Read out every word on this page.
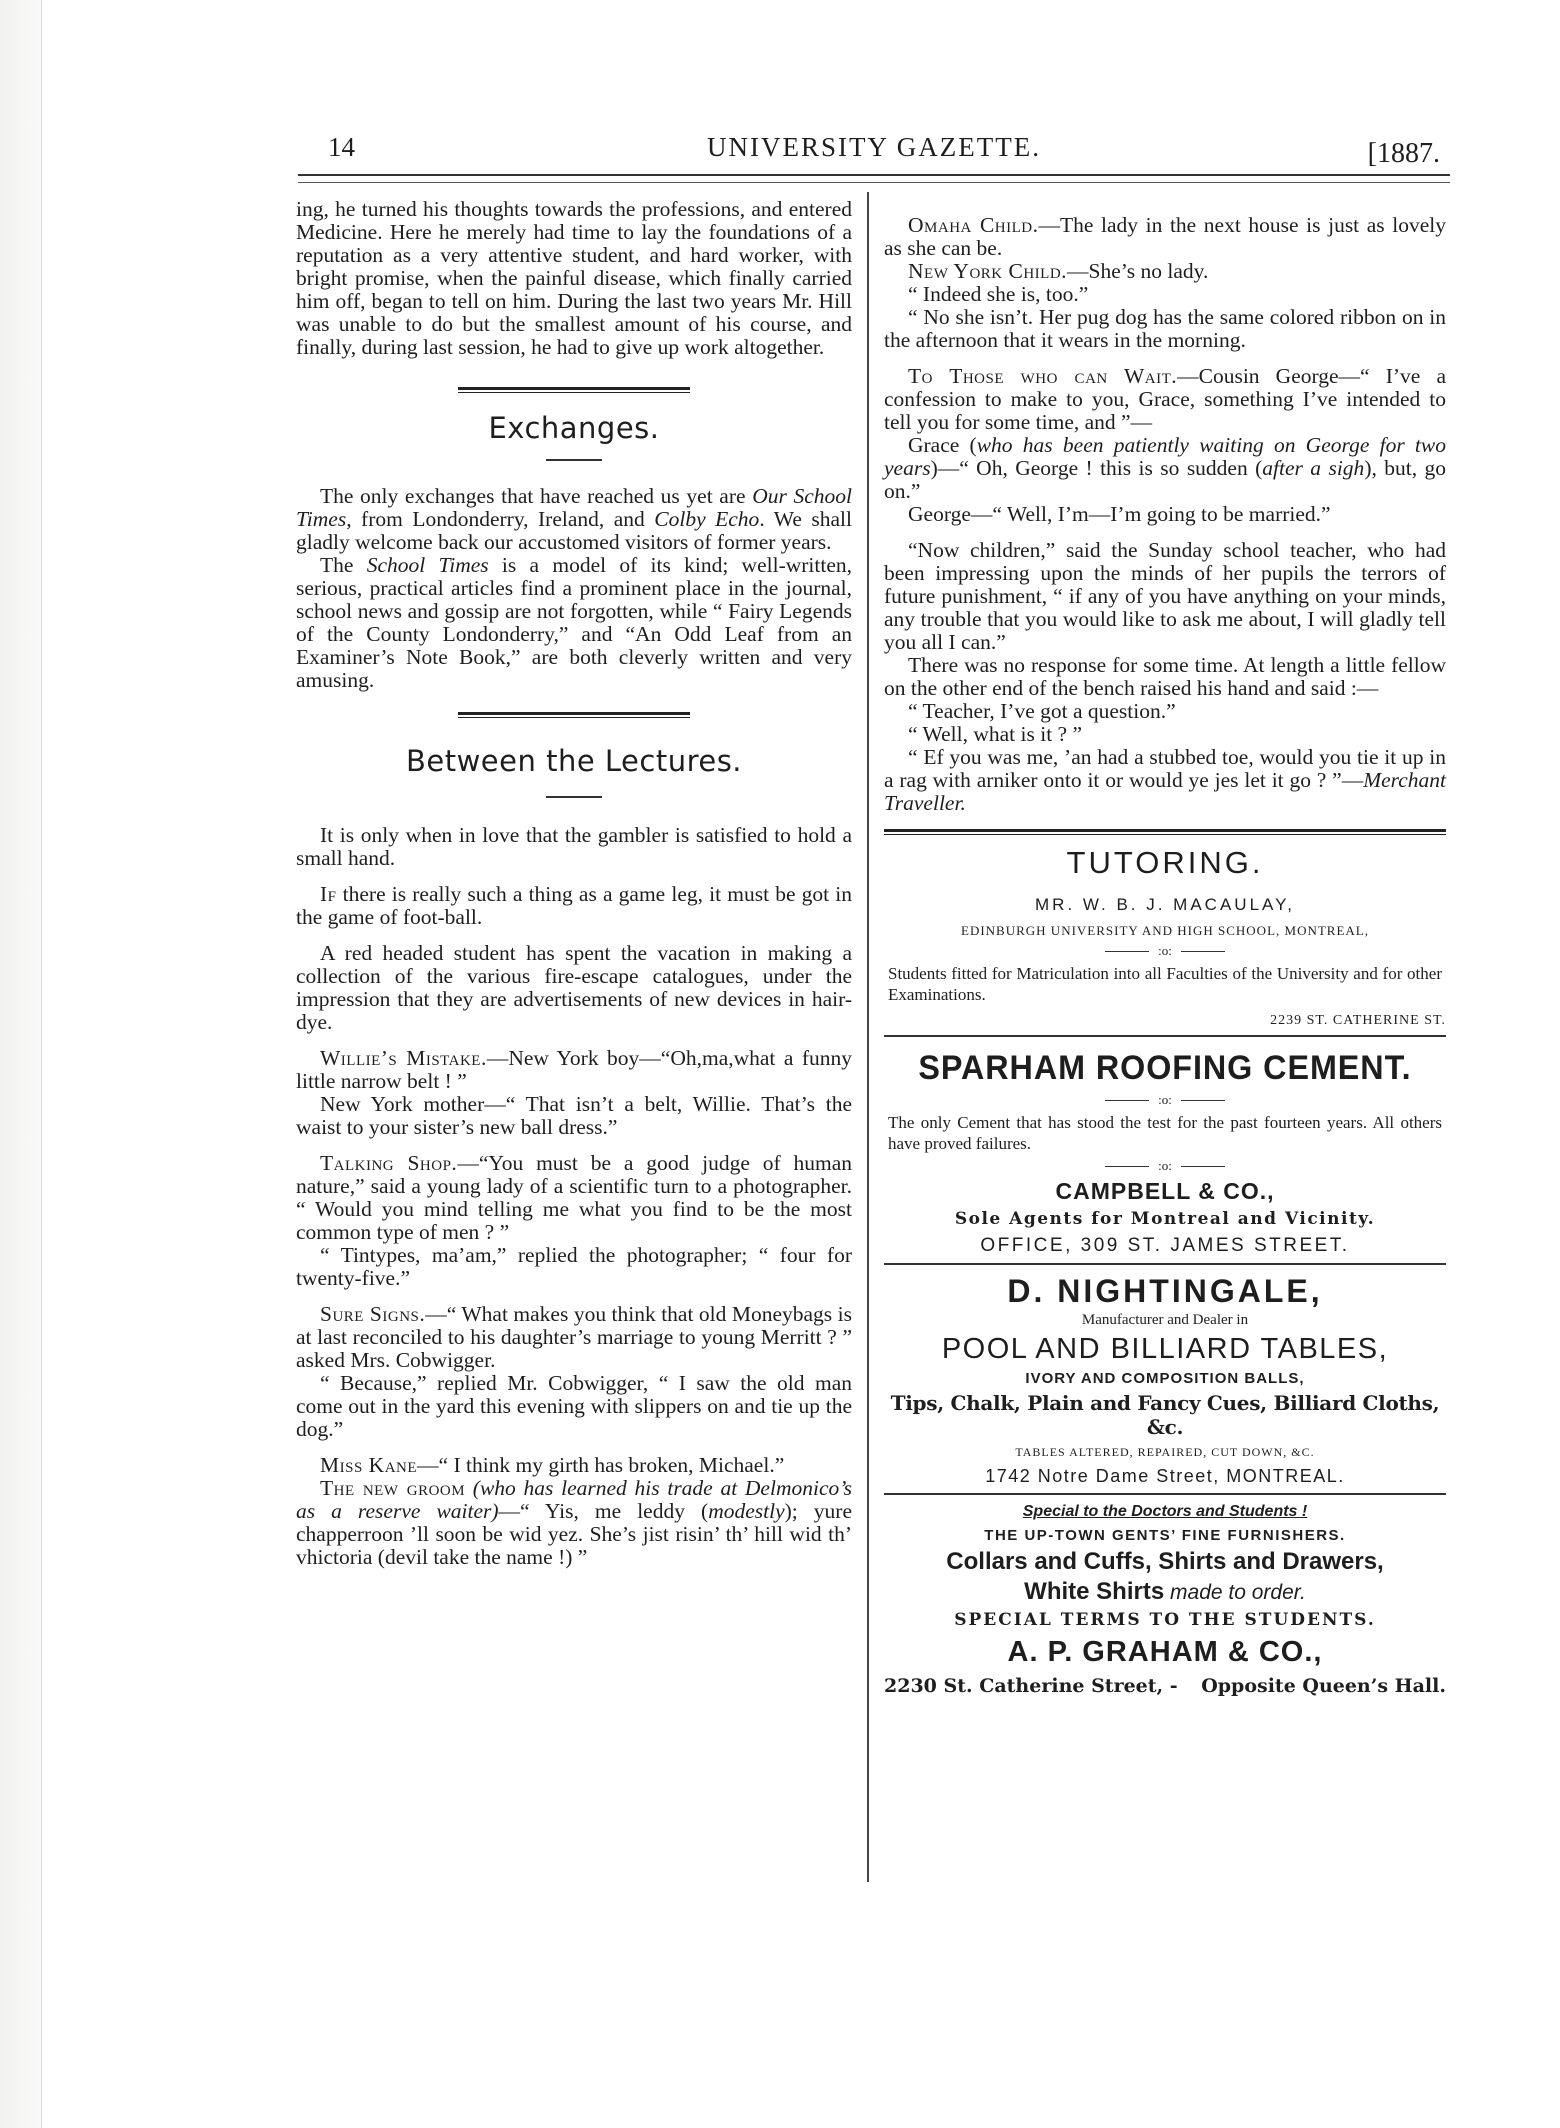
14	UNIVERSITY GAZETTE.	[1887.

ing, he turned his thoughts towards the professions, and entered Medicine. Here he merely had time to lay the foundations of a reputation as a very attentive student, and hard worker, with bright promise, when the painful disease, which finally carried him off, began to tell on him. During the last two years Mr. Hill was unable to do but the smallest amount of his course, and finally, during last session, he had to give up work altogether.

Exchanges.

The only exchanges that have reached us yet are Our School Times, from Londonderry, Ireland, and Colby Echo. We shall gladly welcome back our accustomed visitors of former years.

The School Times is a model of its kind; well-written, serious, practical articles find a prominent place in the journal, school news and gossip are not forgotten, while “ Fairy Legends of the County Londonderry,” and “An Odd Leaf from an Examiner’s Note Book,” are both cleverly written and very amusing.

Between the Lectures.

It is only when in love that the gambler is satisfied to hold a small hand.

If there is really such a thing as a game leg, it must be got in the game of foot-ball.

A red headed student has spent the vacation in making a collection of the various fire-escape catalogues, under the impression that they are advertisements of new devices in hair-dye.

Willie’s Mistake.—New York boy—“Oh,ma,what a funny little narrow belt ! ”

New York mother—“ That isn’t a belt, Willie. That’s the waist to your sister’s new ball dress.”

Talking Shop.—“You must be a good judge of human nature,” said a young lady of a scientific turn to a photographer. “ Would you mind telling me what you find to be the most common type of men ? ”

“ Tintypes, ma’am,” replied the photographer; “ four for twenty-five.”

Sure Signs.—“ What makes you think that old Moneybags is at last reconciled to his daughter’s marriage to young Merritt ? ” asked Mrs. Cobwigger.

“ Because,” replied Mr. Cobwigger, “ I saw the old man come out in the yard this evening with slippers on and tie up the dog.”

Miss Kane—“ I think my girth has broken, Michael.”

The new groom (who has learned his trade at Delmonico’s as a reserve waiter)—“ Yis, me leddy (modestly); yure chapperroon ’ll soon be wid yez. She’s jist risin’ th’ hill wid th’ vhictoria (devil take the name !) ”

Omaha Child.—The lady in the next house is just as lovely as she can be.

New York Child.—She’s no lady.

“ Indeed she is, too.”

“ No she isn’t. Her pug dog has the same colored ribbon on in the afternoon that it wears in the morning.

To Those who can Wait.—Cousin George—“ I’ve a confession to make to you, Grace, something I’ve intended to tell you for some time, and ”—

Grace (who has been patiently waiting on George for two years)—“ Oh, George ! this is so sudden (after a sigh), but, go on.”

George—“ Well, I’m—I’m going to be married.”

“Now children,” said the Sunday school teacher, who had been impressing upon the minds of her pupils the terrors of future punishment, “ if any of you have anything on your minds, any trouble that you would like to ask me about, I will gladly tell you all I can.”

There was no response for some time. At length a little fellow on the other end of the bench raised his hand and said :—

“ Teacher, I’ve got a question.”

“ Well, what is it ? ”

“ Ef you was me, ’an had a stubbed toe, would you tie it up in a rag with arniker onto it or would ye jes let it go ? ”—Merchant Traveller.

TUTORING.
MR. W. B. J. MACAULAY,
EDINBURGH UNIVERSITY AND HIGH SCHOOL, MONTREAL,
:o:

Students fitted for Matriculation into all Faculties of the University and for other Examinations.

2239 ST. CATHERINE ST.
SPARHAM ROOFING CEMENT.
:o:

The only Cement that has stood the test for the past fourteen years. All others have proved failures.

:o:
CAMPBELL & CO.,
Sole Agents for Montreal and Vicinity.
OFFICE, 309 ST. JAMES STREET.
D. NIGHTINGALE,
Manufacturer and Dealer in
POOL AND BILLIARD TABLES,
IVORY AND COMPOSITION BALLS,
Tips, Chalk, Plain and Fancy Cues, Billiard Cloths, &c.
TABLES ALTERED, REPAIRED, CUT DOWN, &C.
1742 Notre Dame Street, MONTREAL.
Special to the Doctors and Students !
THE UP-TOWN GENTS’ FINE FURNISHERS.
Collars and Cuffs, Shirts and Drawers,
White Shirts made to order.
SPECIAL TERMS TO THE STUDENTS.
A. P. GRAHAM & CO.,
2230 St. Catherine Street, - Opposite Queen’s Hall.
